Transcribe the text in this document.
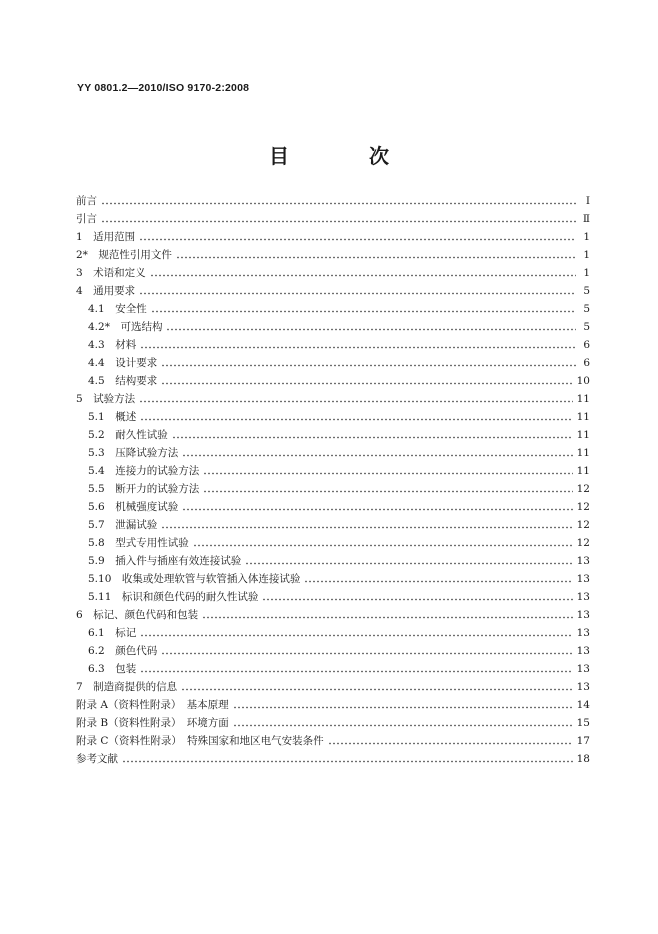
YY 0801.2—2010/ISO 9170-2:2008
目　次
前言	Ⅰ
引言	Ⅱ
1　适用范围	1
2*　规范性引用文件	1
3　术语和定义	1
4　通用要求	5
4.1　安全性	5
4.2*　可选结构	5
4.3　材料	6
4.4　设计要求	6
4.5　结构要求	10
5　试验方法	11
5.1　概述	11
5.2　耐久性试验	11
5.3　压降试验方法	11
5.4　连接力的试验方法	11
5.5　断开力的试验方法	12
5.6　机械强度试验	12
5.7　泄漏试验	12
5.8　型式专用性试验	12
5.9　插入件与插座有效连接试验	13
5.10　收集或处理软管与软管插入体连接试验	13
5.11　标识和颜色代码的耐久性试验	13
6　标记、颜色代码和包装	13
6.1　标记	13
6.2　颜色代码	13
6.3　包装	13
7　制造商提供的信息	13
附录 A（资料性附录）　基本原理	14
附录 B（资料性附录）　环境方面	15
附录 C（资料性附录）　特殊国家和地区电气安装条件	17
参考文献	18
